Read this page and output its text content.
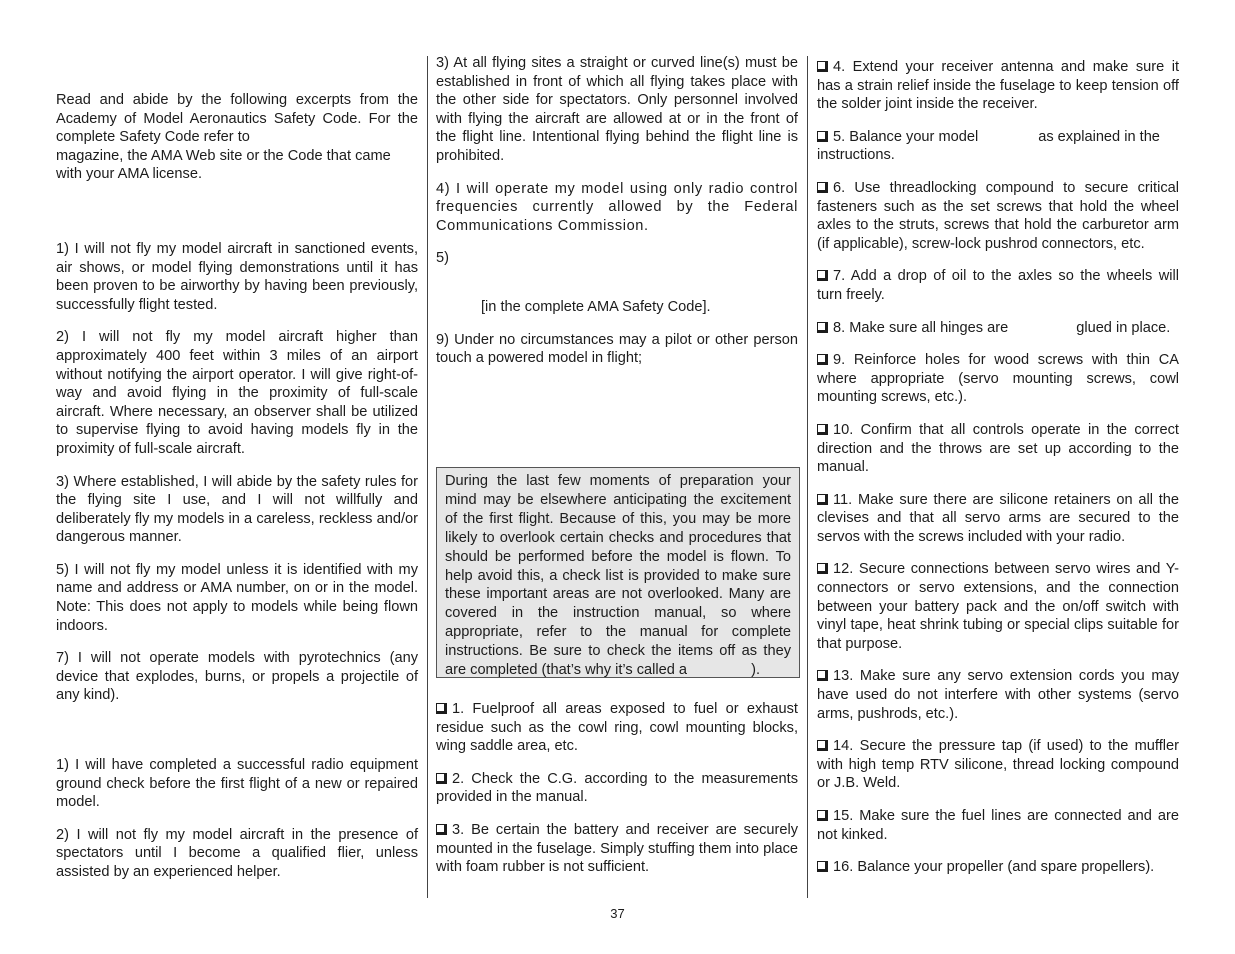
Read and abide by the following excerpts from the Academy of Model Aeronautics Safety Code. For the complete Safety Code refer to

magazine, the AMA Web site or the Code that came with your AMA license.

1) I will not fly my model aircraft in sanctioned events, air shows, or model flying demonstrations until it has been proven to be airworthy by having been previously, successfully flight tested.

2) I will not fly my model aircraft higher than approximately 400 feet within 3 miles of an airport without notifying the airport operator. I will give right-of-way and avoid flying in the proximity of full-scale aircraft. Where necessary, an observer shall be utilized to supervise flying to avoid having models fly in the proximity of full-scale aircraft.

3) Where established, I will abide by the safety rules for the flying site I use, and I will not willfully and deliberately fly my models in a careless, reckless and/or dangerous manner.

5) I will not fly my model unless it is identified with my name and address or AMA number, on or in the model. Note: This does not apply to models while being flown indoors.

7) I will not operate models with pyrotechnics (any device that explodes, burns, or propels a projectile of any kind).

1) I will have completed a successful radio equipment ground check before the first flight of a new or repaired model.

2) I will not fly my model aircraft in the presence of spectators until I become a qualified flier, unless assisted by an experienced helper.

3) At all flying sites a straight or curved line(s) must be established in front of which all flying takes place with the other side for spectators. Only personnel involved with flying the aircraft are allowed at or in the front of the flight line. Intentional flying behind the flight line is prohibited.

4) I will operate my model using only radio control frequencies currently allowed by the Federal Communications Commission.

5)

[in the complete AMA Safety Code].

9) Under no circumstances may a pilot or other person touch a powered model in flight;

During the last few moments of preparation your mind may be elsewhere anticipating the excitement of the first flight. Because of this, you may be more likely to overlook certain checks and procedures that should be performed before the model is flown. To help avoid this, a check list is provided to make sure these important areas are not overlooked. Many are covered in the instruction manual, so where appropriate, refer to the manual for complete instructions. Be sure to check the items off as they are completed (that’s why it’s called a	).

1. Fuelproof all areas exposed to fuel or exhaust residue such as the cowl ring, cowl mounting blocks, wing saddle area, etc.

2. Check the C.G. according to the measurements provided in the manual.

3. Be certain the battery and receiver are securely mounted in the fuselage. Simply stuffing them into place with foam rubber is not sufficient.

4. Extend your receiver antenna and make sure it has a strain relief inside the fuselage to keep tension off the solder joint inside the receiver.

5. Balance your model	as explained in the instructions.

6. Use threadlocking compound to secure critical fasteners such as the set screws that hold the wheel axles to the struts, screws that hold the carburetor arm (if applicable), screw-lock pushrod connectors, etc.

7. Add a drop of oil to the axles so the wheels will turn freely.

8. Make sure all hinges are	glued in place.

9. Reinforce holes for wood screws with thin CA where appropriate (servo mounting screws, cowl mounting screws, etc.).

10. Confirm that all controls operate in the correct direction and the throws are set up according to the manual.

11. Make sure there are silicone retainers on all the clevises and that all servo arms are secured to the servos with the screws included with your radio.

12. Secure connections between servo wires and Y-connectors or servo extensions, and the connection between your battery pack and the on/off switch with vinyl tape, heat shrink tubing or special clips suitable for that purpose.

13. Make sure any servo extension cords you may have used do not interfere with other systems (servo arms, pushrods, etc.).

14. Secure the pressure tap (if used) to the muffler with high temp RTV silicone, thread locking compound or J.B. Weld.

15. Make sure the fuel lines are connected and are not kinked.

16. Balance your propeller (and spare propellers).

37
